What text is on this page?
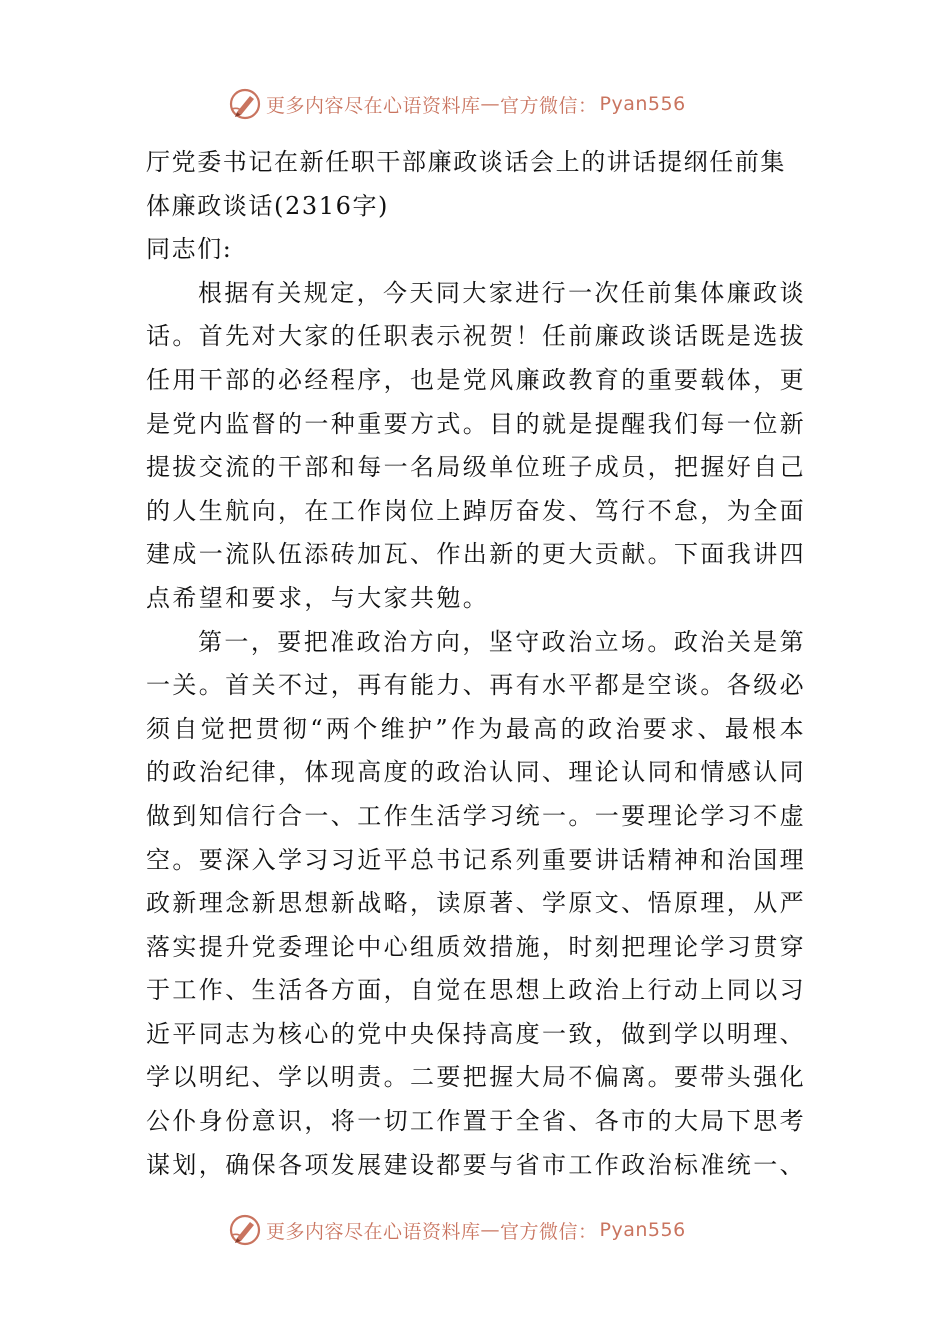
更多内容尽在心语资料库 — 官方微信： Pyan556
厅党委书记在新任职干部廉政谈话会上的讲话提纲任前集体廉政谈话(2316字)

同志们:

根据有关规定，今天同大家进行一次任前集体廉政谈话。首先对大家的任职表示祝贺！任前廉政谈话既是选拔任用干部的必经程序，也是党风廉政教育的重要载体，更是党内监督的一种重要方式。目的就是提醒我们每一位新提拔交流的干部和每一名局级单位班子成员，把握好自己的人生航向，在工作岗位上踔厉奋发、笃行不怠，为全面建成一流队伍添砖加瓦、作出新的更大贡献。下面我讲四点希望和要求，与大家共勉。

第一，要把准政治方向，坚守政治立场。政治关是第一关。首关不过，再有能力、再有水平都是空谈。各级必须自觉把贯彻“两个维护”作为最高的政治要求、最根本的政治纪律，体现高度的政治认同、理论认同和情感认同做到知信行合一、工作生活学习统一。一要理论学习不虚空。要深入学习习近平总书记系列重要讲话精神和治国理政新理念新思想新战略，读原著、学原文、悟原理，从严落实提升党委理论中心组质效措施，时刻把理论学习贯穿于工作、生活各方面，自觉在思想上政治上行动上同以习近平同志为核心的党中央保持高度一致，做到学以明理、学以明纪、学以明责。二要把握大局不偏离。要带头强化公仆身份意识，将一切工作置于全省、各市的大局下思考谋划，确保各项发展建设都要与省市工作政治标准统一、

更多内容尽在心语资料库 — 官方微信： Pyan556
